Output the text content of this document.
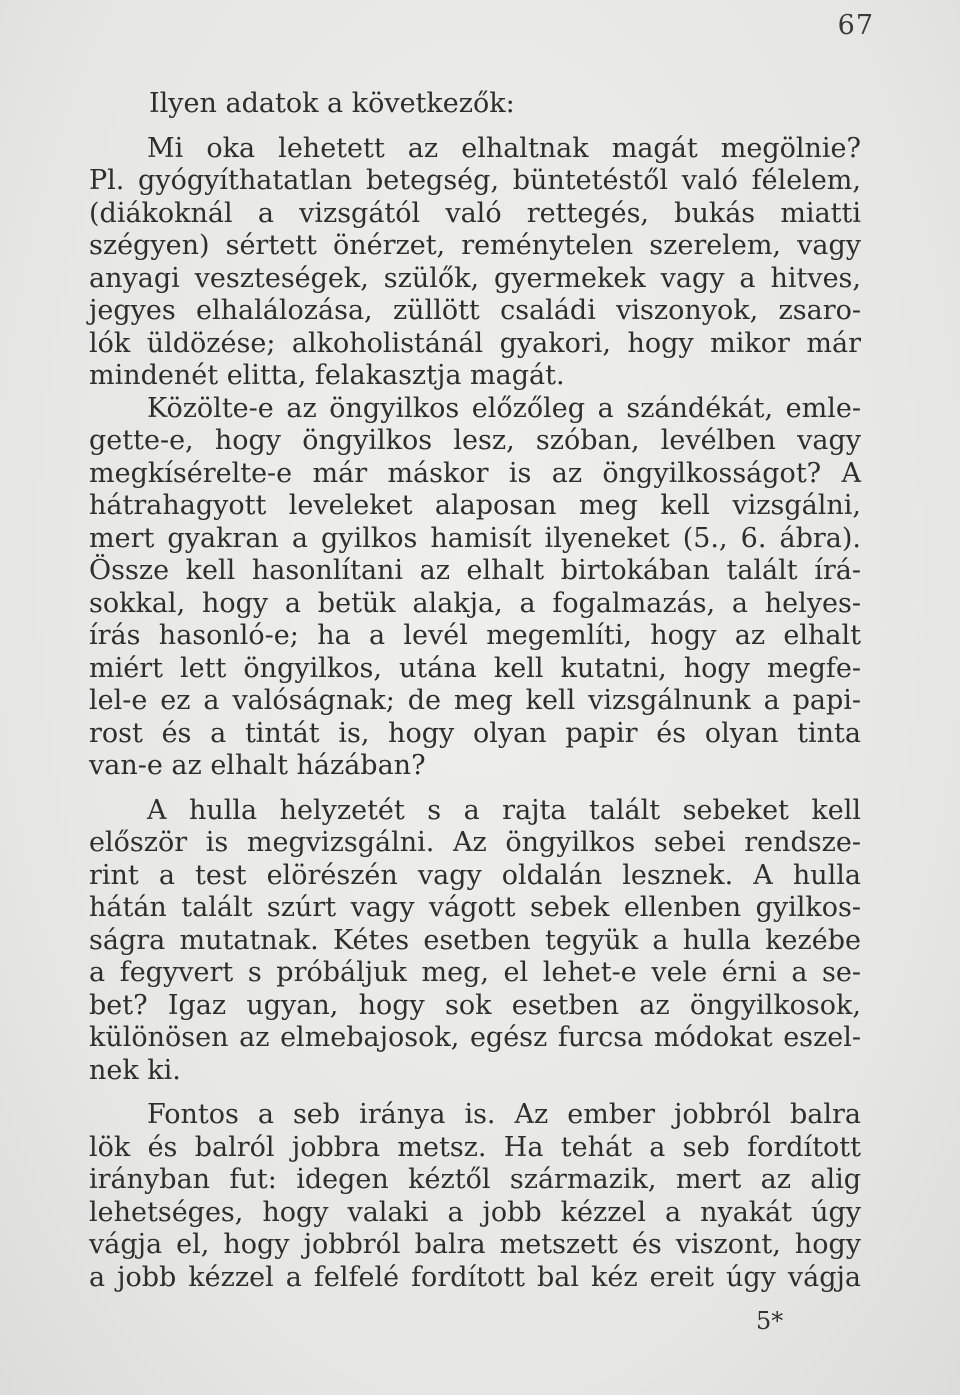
67
Ilyen adatok a következők:
Mi oka lehetett az elhaltnak magát megölnie?
Pl. gyógyíthatatlan betegség, büntetéstől való félelem,
(diákoknál a vizsgától való rettegés, bukás miatti
szégyen) sértett önérzet, reménytelen szerelem, vagy
anyagi veszteségek, szülők, gyermekek vagy a hitves,
jegyes elhalálozása, züllött családi viszonyok, zsaro-
lók üldözése; alkoholistánál gyakori, hogy mikor már
mindenét elitta, felakasztja magát.
Közölte-e az öngyilkos előzőleg a szándékát, emle-
gette-e, hogy öngyilkos lesz, szóban, levélben vagy
megkísérelte-e már máskor is az öngyilkosságot? A
hátrahagyott leveleket alaposan meg kell vizsgálni,
mert gyakran a gyilkos hamisít ilyeneket (5., 6. ábra).
Össze kell hasonlítani az elhalt birtokában talált írá-
sokkal, hogy a betük alakja, a fogalmazás, a helyes-
írás hasonló-e; ha a levél megemlíti, hogy az elhalt
miért lett öngyilkos, utána kell kutatni, hogy megfe-
lel-e ez a valóságnak; de meg kell vizsgálnunk a papi-
rost és a tintát is, hogy olyan papir és olyan tinta
van-e az elhalt házában?
A hulla helyzetét s a rajta talált sebeket kell
először is megvizsgálni. Az öngyilkos sebei rendsze-
rint a test elörészén vagy oldalán lesznek. A hulla
hátán talált szúrt vagy vágott sebek ellenben gyilkos-
ságra mutatnak. Kétes esetben tegyük a hulla kezébe
a fegyvert s próbáljuk meg, el lehet-e vele érni a se-
bet? Igaz ugyan, hogy sok esetben az öngyilkosok,
különösen az elmebajosok, egész furcsa módokat eszel-
nek ki.
Fontos a seb iránya is. Az ember jobbról balra
lök és balról jobbra metsz. Ha tehát a seb fordított
irányban fut: idegen kéztől származik, mert az alig
lehetséges, hogy valaki a jobb kézzel a nyakát úgy
vágja el, hogy jobbról balra metszett és viszont, hogy
a jobb kézzel a felfelé fordított bal kéz ereit úgy vágja
5*
